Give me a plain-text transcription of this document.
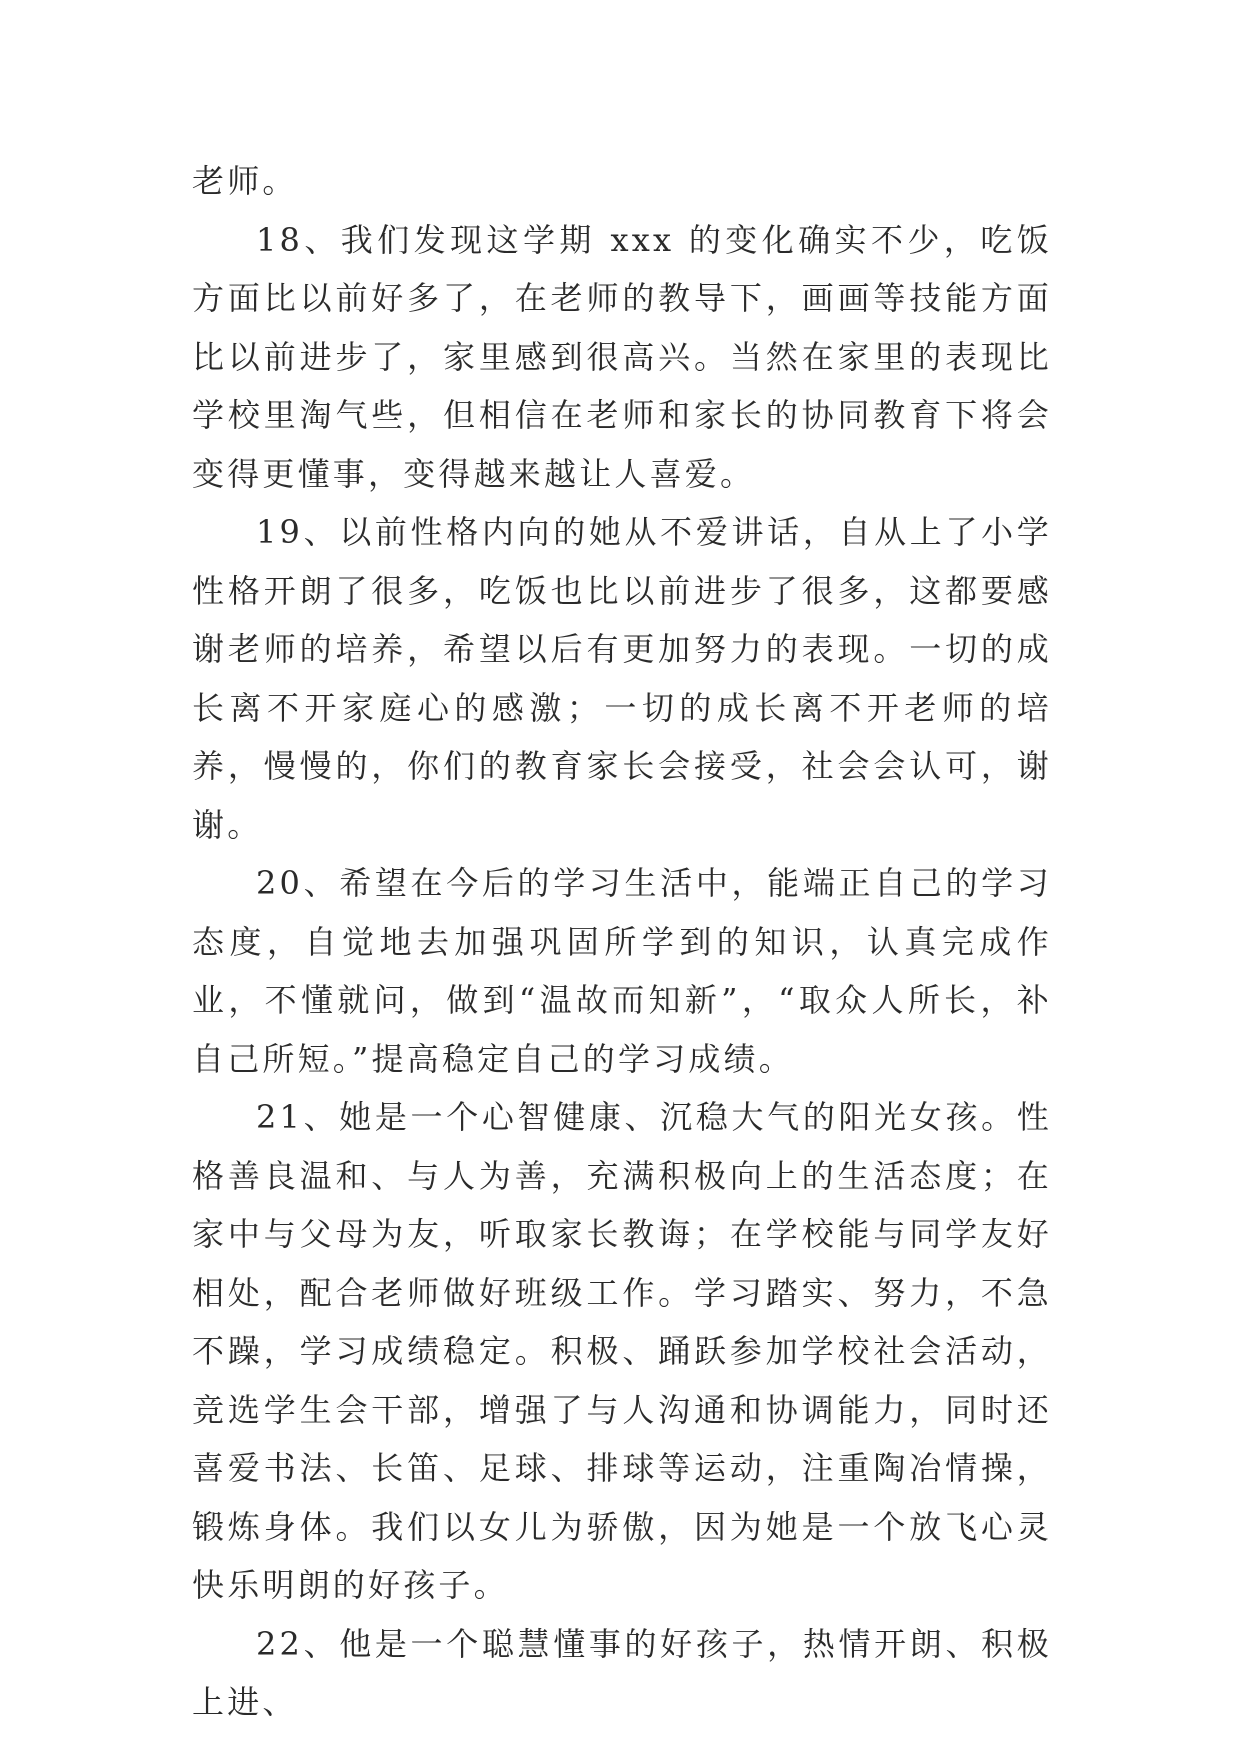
老师。

18、我们发现这学期 xxx 的变化确实不少，吃饭方面比以前好多了，在老师的教导下，画画等技能方面比以前进步了，家里感到很高兴。当然在家里的表现比学校里淘气些，但相信在老师和家长的协同教育下将会变得更懂事，变得越来越让人喜爱。

19、以前性格内向的她从不爱讲话，自从上了小学性格开朗了很多，吃饭也比以前进步了很多，这都要感谢老师的培养，希望以后有更加努力的表现。一切的成长离不开家庭心的感激；一切的成长离不开老师的培养，慢慢的，你们的教育家长会接受，社会会认可，谢谢。

20、希望在今后的学习生活中，能端正自己的学习态度，自觉地去加强巩固所学到的知识，认真完成作业，不懂就问，做到“温故而知新”，“取众人所长，补自己所短。”提高稳定自己的学习成绩。

21、她是一个心智健康、沉稳大气的阳光女孩。性格善良温和、与人为善，充满积极向上的生活态度；在家中与父母为友，听取家长教诲；在学校能与同学友好相处，配合老师做好班级工作。学习踏实、努力，不急不躁，学习成绩稳定。积极、踊跃参加学校社会活动，竞选学生会干部，增强了与人沟通和协调能力，同时还喜爱书法、长笛、足球、排球等运动，注重陶冶情操，锻炼身体。我们以女儿为骄傲，因为她是一个放飞心灵快乐明朗的好孩子。

22、他是一个聪慧懂事的好孩子，热情开朗、积极上进、
